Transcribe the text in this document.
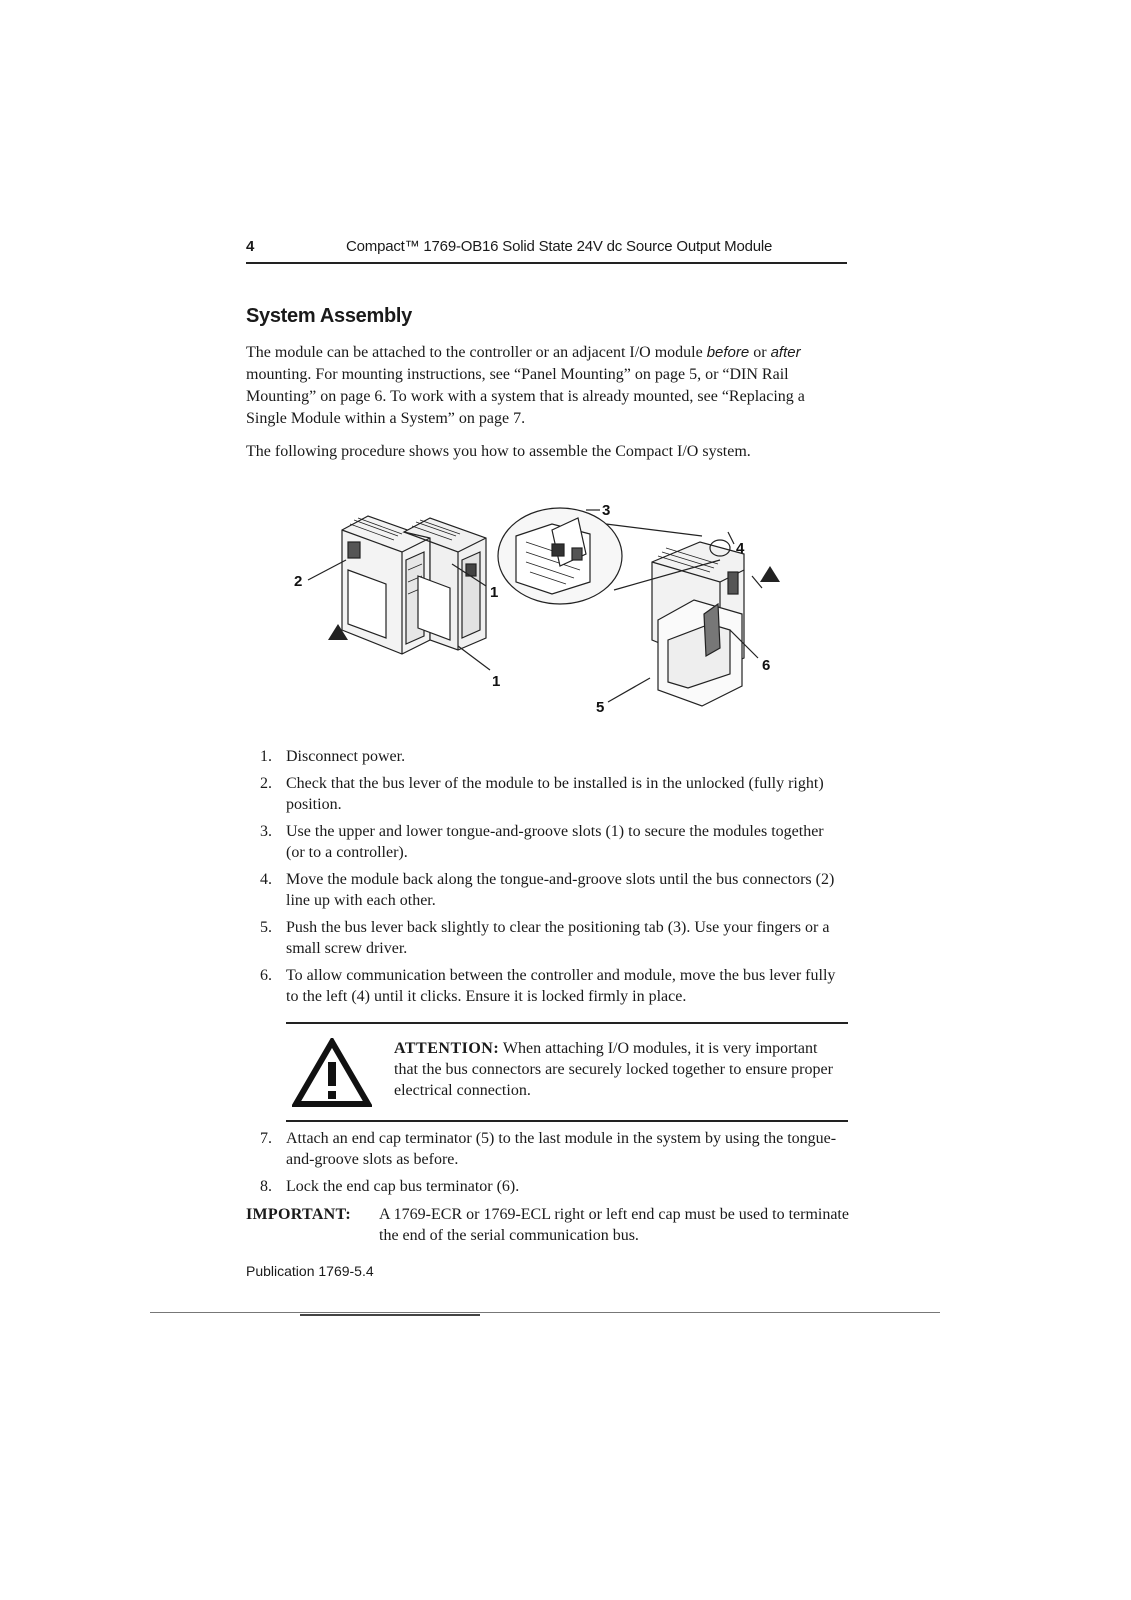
4	Compact™ 1769-OB16 Solid State 24V dc Source Output Module
System Assembly

The module can be attached to the controller or an adjacent I/O module before or after mounting. For mounting instructions, see “Panel Mounting” on page 5, or “DIN Rail Mounting” on page 6. To work with a system that is already mounted, see “Replacing a Single Module within a System” on page 7.

The following procedure shows you how to assemble the Compact I/O system.

1
1
2
3
4
5
6
1. Disconnect power.
2. Check that the bus lever of the module to be installed is in the unlocked (fully right) position.
3. Use the upper and lower tongue-and-groove slots (1) to secure the modules together (or to a controller).
4. Move the module back along the tongue-and-groove slots until the bus connectors (2) line up with each other.
5. Push the bus lever back slightly to clear the positioning tab (3). Use your fingers or a small screw driver.
6. To allow communication between the controller and module, move the bus lever fully to the left (4) until it clicks. Ensure it is locked firmly in place.
ATTENTION: When attaching I/O modules, it is very important that the bus connectors are securely locked together to ensure proper electrical connection.
7. Attach an end cap terminator (5) to the last module in the system by using the tongue-and-groove slots as before.
8. Lock the end cap bus terminator (6).
IMPORTANT: A 1769-ECR or 1769-ECL right or left end cap must be used to terminate the end of the serial communication bus.
Publication 1769-5.4
